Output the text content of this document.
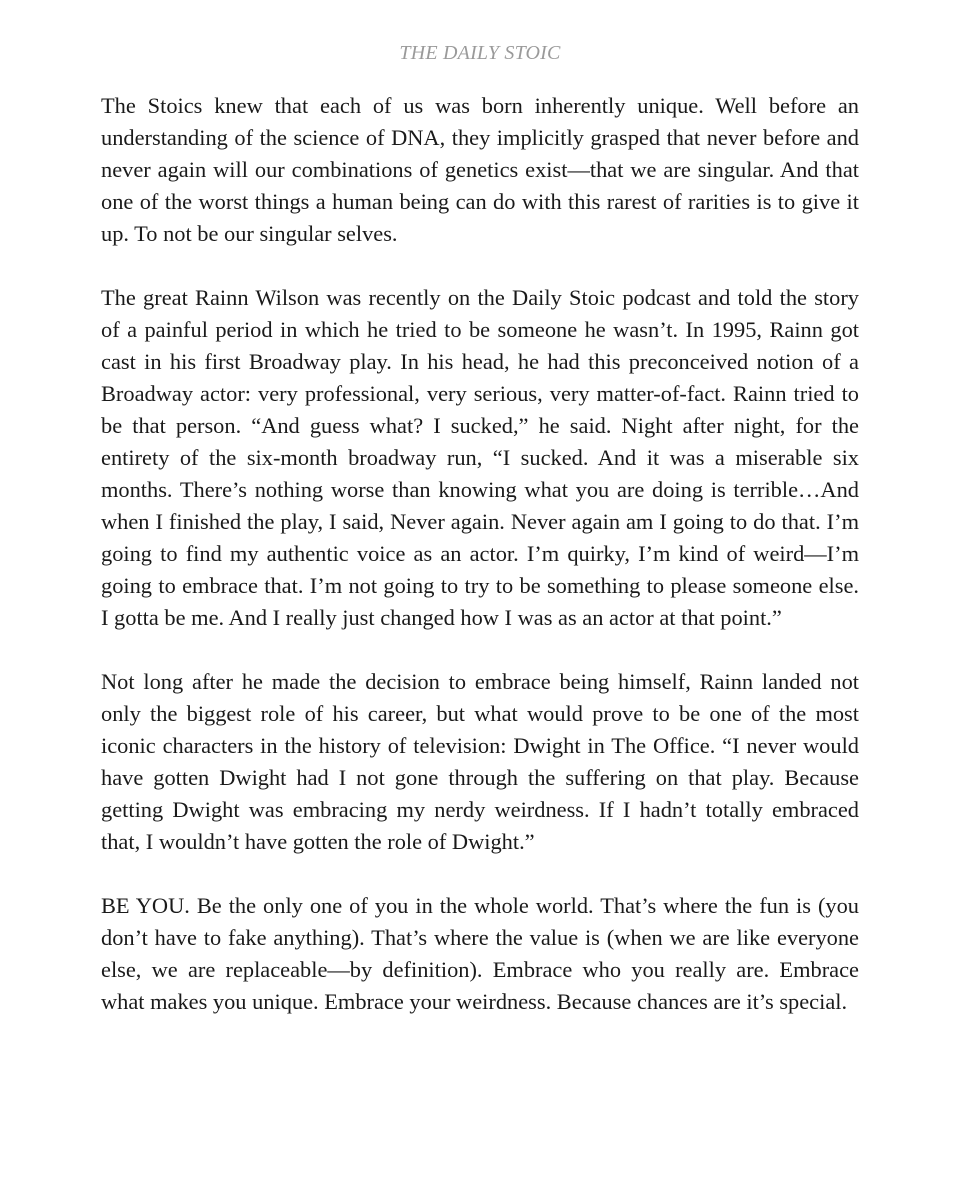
THE DAILY STOIC

The Stoics knew that each of us was born inherently unique. Well before an understanding of the science of DNA, they implicitly grasped that never before and never again will our combinations of genetics exist—that we are singular. And that one of the worst things a human being can do with this rarest of rarities is to give it up. To not be our singular selves.

The great Rainn Wilson was recently on the Daily Stoic podcast and told the story of a painful period in which he tried to be someone he wasn’t. In 1995, Rainn got cast in his first Broadway play. In his head, he had this preconceived notion of a Broadway actor: very professional, very serious, very matter-of-fact. Rainn tried to be that person. “And guess what? I sucked,” he said. Night after night, for the entirety of the six-month broadway run, “I sucked. And it was a miserable six months. There’s nothing worse than knowing what you are doing is terrible…And when I finished the play, I said, Never again. Never again am I going to do that. I’m going to find my authentic voice as an actor. I’m quirky, I’m kind of weird—I’m going to embrace that. I’m not going to try to be something to please someone else. I gotta be me. And I really just changed how I was as an actor at that point.”

Not long after he made the decision to embrace being himself, Rainn landed not only the biggest role of his career, but what would prove to be one of the most iconic characters in the history of television: Dwight in The Office. “I never would have gotten Dwight had I not gone through the suffering on that play. Because getting Dwight was embracing my nerdy weirdness. If I hadn’t totally embraced that, I wouldn’t have gotten the role of Dwight.”

BE YOU. Be the only one of you in the whole world. That’s where the fun is (you don’t have to fake anything). That’s where the value is (when we are like everyone else, we are replaceable—by definition). Embrace who you really are. Embrace what makes you unique. Embrace your weirdness. Because chances are it’s special.
